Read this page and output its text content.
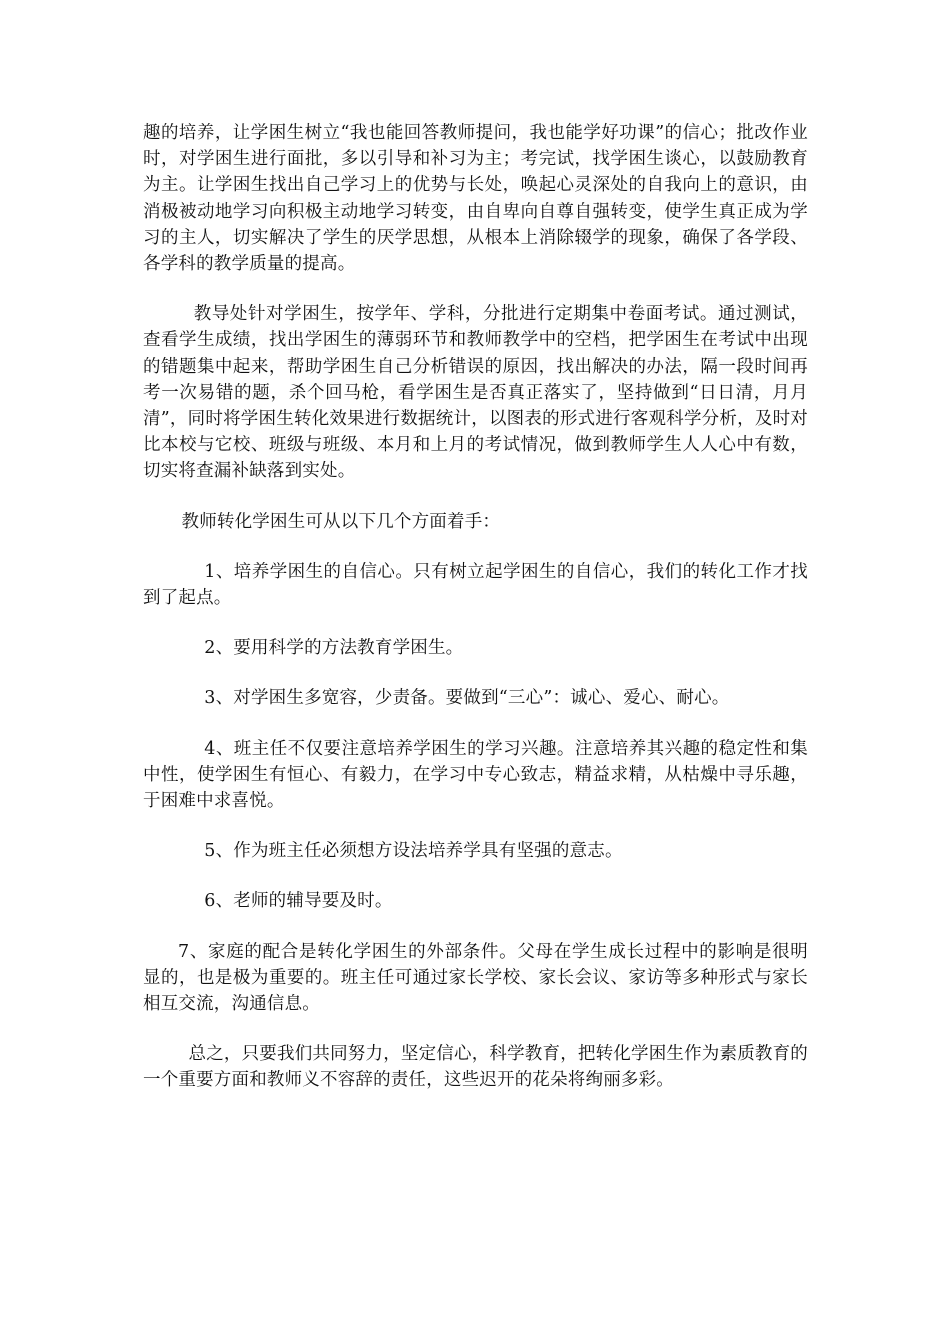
趣的培养，让学困生树立“我也能回答教师提问，我也能学好功课”的信心；批改作业时，对学困生进行面批，多以引导和补习为主；考完试，找学困生谈心，以鼓励教育为主。让学困生找出自己学习上的优势与长处，唤起心灵深处的自我向上的意识，由消极被动地学习向积极主动地学习转变，由自卑向自尊自强转变，使学生真正成为学习的主人，切实解决了学生的厌学思想，从根本上消除辍学的现象，确保了各学段、各学科的教学质量的提高。

教导处针对学困生，按学年、学科，分批进行定期集中卷面考试。通过测试，查看学生成绩，找出学困生的薄弱环节和教师教学中的空档，把学困生在考试中出现的错题集中起来，帮助学困生自己分析错误的原因，找出解决的办法，隔一段时间再考一次易错的题，杀个回马枪，看学困生是否真正落实了，坚持做到“日日清，月月清”，同时将学困生转化效果进行数据统计，以图表的形式进行客观科学分析，及时对比本校与它校、班级与班级、本月和上月的考试情况，做到教师学生人人心中有数，切实将查漏补缺落到实处。

教师转化学困生可从以下几个方面着手：

1、培养学困生的自信心。只有树立起学困生的自信心，我们的转化工作才找到了起点。

2、要用科学的方法教育学困生。

3、对学困生多宽容，少责备。要做到“三心”：诚心、爱心、耐心。

4、班主任不仅要注意培养学困生的学习兴趣。注意培养其兴趣的稳定性和集中性，使学困生有恒心、有毅力，在学习中专心致志，精益求精，从枯燥中寻乐趣，于困难中求喜悦。

5、作为班主任必须想方设法培养学具有坚强的意志。

6、老师的辅导要及时。

7、家庭的配合是转化学困生的外部条件。父母在学生成长过程中的影响是很明显的，也是极为重要的。班主任可通过家长学校、家长会议、家访等多种形式与家长相互交流，沟通信息。

总之，只要我们共同努力，坚定信心，科学教育，把转化学困生作为素质教育的一个重要方面和教师义不容辞的责任，这些迟开的花朵将绚丽多彩。
